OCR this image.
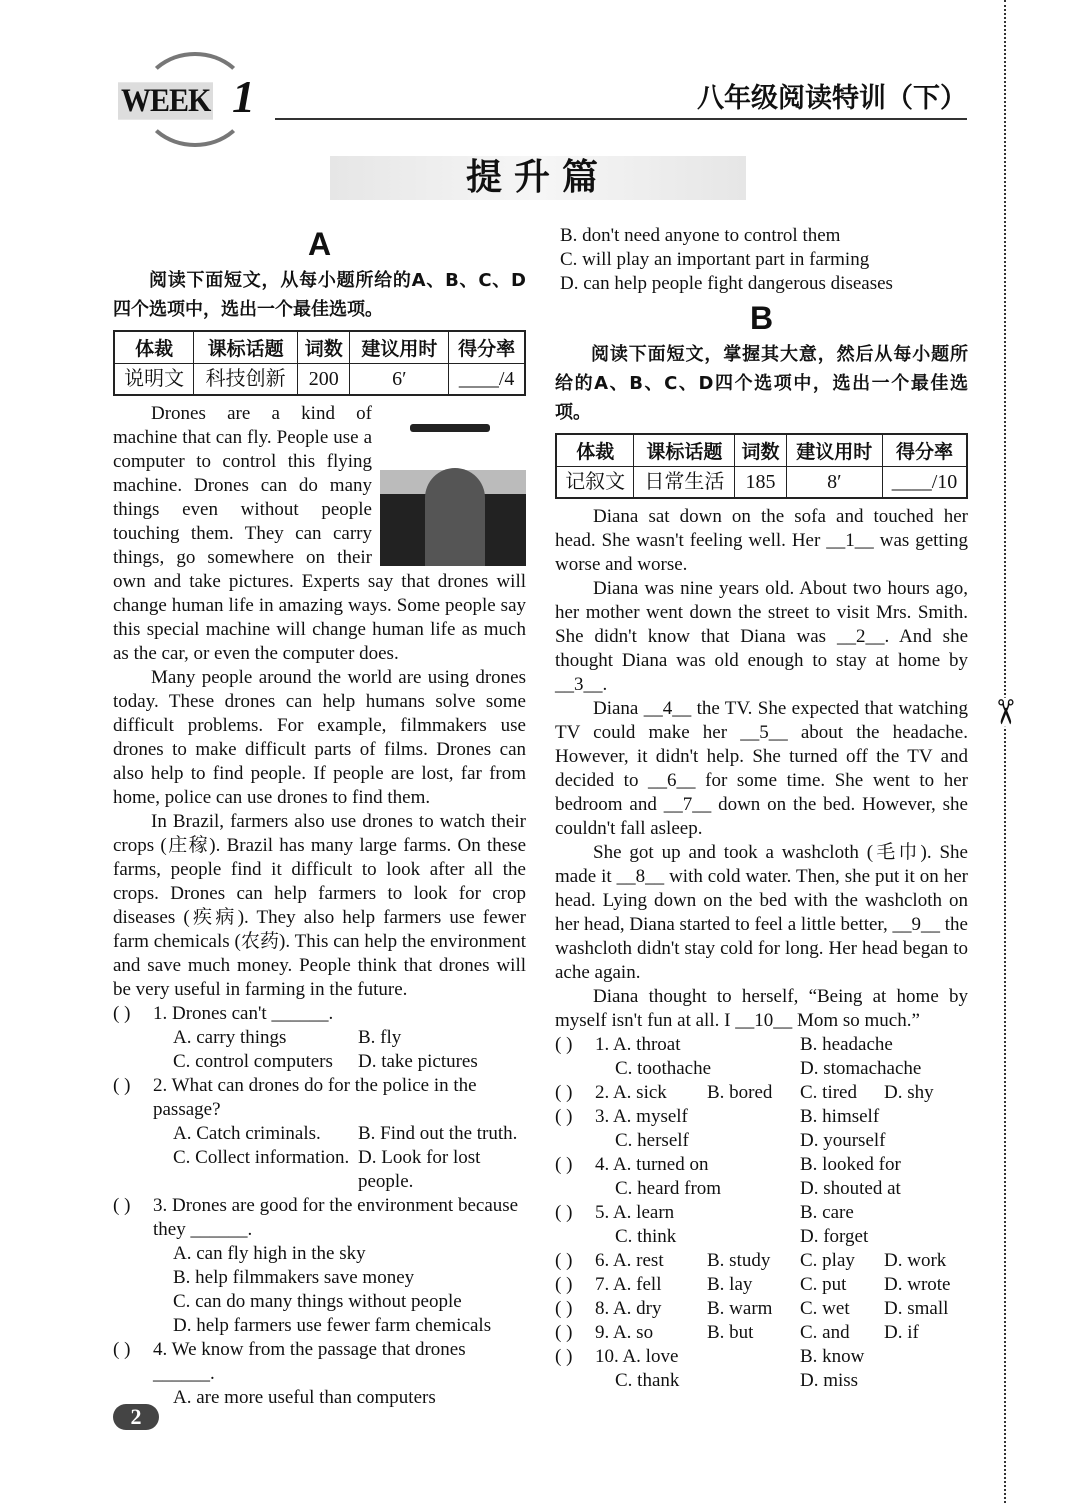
WEEK 1	八年级阅读特训（下）
提升篇
A
阅读下面短文，从每小题所给的A、B、C、D四个选项中，选出一个最佳选项。
体裁	课标话题	词数	建议用时	得分率
说明文	科技创新	200	6′	____/4
Drones are a kind of machine that can fly. People use a computer to control this flying machine. Drones can do many things even without people touching them. They can carry things, go somewhere on their own and take pictures. Experts say that drones will change human life in amazing ways. Some people say this special machine will change human life as much as the car, or even the computer does.
Many people around the world are using drones today. These drones can help humans solve some difficult problems. For example, filmmakers use drones to make difficult parts of films. Drones can also help to find people. If people are lost, far from home, police can use drones to find them.
In Brazil, farmers also use drones to watch their crops (庄稼). Brazil has many large farms. On these farms, people find it difficult to look after all the crops. Drones can help farmers to look for crop diseases (疾病). They also help farmers use fewer farm chemicals (农药). This can help the environment and save much money. People think that drones will be very useful in farming in the future.
( )	1. Drones can't ______.
A. carry things	B. fly
C. control computers	D. take pictures
( )	2. What can drones do for the police in the passage?
A. Catch criminals.	B. Find out the truth.
C. Collect information. D. Look for lost people.
( )	3. Drones are good for the environment because they ______.
A. can fly high in the sky
B. help filmmakers save money
C. can do many things without people
D. help farmers use fewer farm chemicals
( )	4. We know from the passage that drones ______.
A. are more useful than computers
B. don't need anyone to control them
C. will play an important part in farming
D. can help people fight dangerous diseases
B
阅读下面短文，掌握其大意，然后从每小题所给的A、B、C、D四个选项中，选出一个最佳选项。
体裁	课标话题	词数	建议用时	得分率
记叙文	日常生活	185	8′	____/10
Diana sat down on the sofa and touched her head. She wasn't feeling well. Her __1__ was getting worse and worse.
Diana was nine years old. About two hours ago, her mother went down the street to visit Mrs. Smith. She didn't know that Diana was __2__. And she thought Diana was old enough to stay at home by __3__.
Diana __4__ the TV. She expected that watching TV could make her __5__ about the headache. However, it didn't help. She turned off the TV and decided to __6__ for some time. She went to her bedroom and __7__ down on the bed. However, she couldn't fall asleep.
She got up and took a washcloth (毛巾). She made it __8__ with cold water. Then, she put it on her head. Lying down on the bed with the washcloth on her head, Diana started to feel a little better, __9__ the washcloth didn't stay cold for long. Her head began to ache again.
Diana thought to herself, “Being at home by myself isn't fun at all. I __10__ Mom so much.”
( )	1. A. throat	B. headache
C. toothache	D. stomachache
( )	2. A. sick	B. bored	C. tired	D. shy
( )	3. A. myself	B. himself
C. herself	D. yourself
( )	4. A. turned on	B. looked for
C. heard from	D. shouted at
( )	5. A. learn	B. care
C. think	D. forget
( )	6. A. rest	B. study	C. play	D. work
( )	7. A. fell	B. lay	C. put	D. wrote
( )	8. A. dry	B. warm	C. wet	D. small
( )	9. A. so	B. but	C. and	D. if
( )	10. A. love	B. know
C. thank	D. miss
2
✂
